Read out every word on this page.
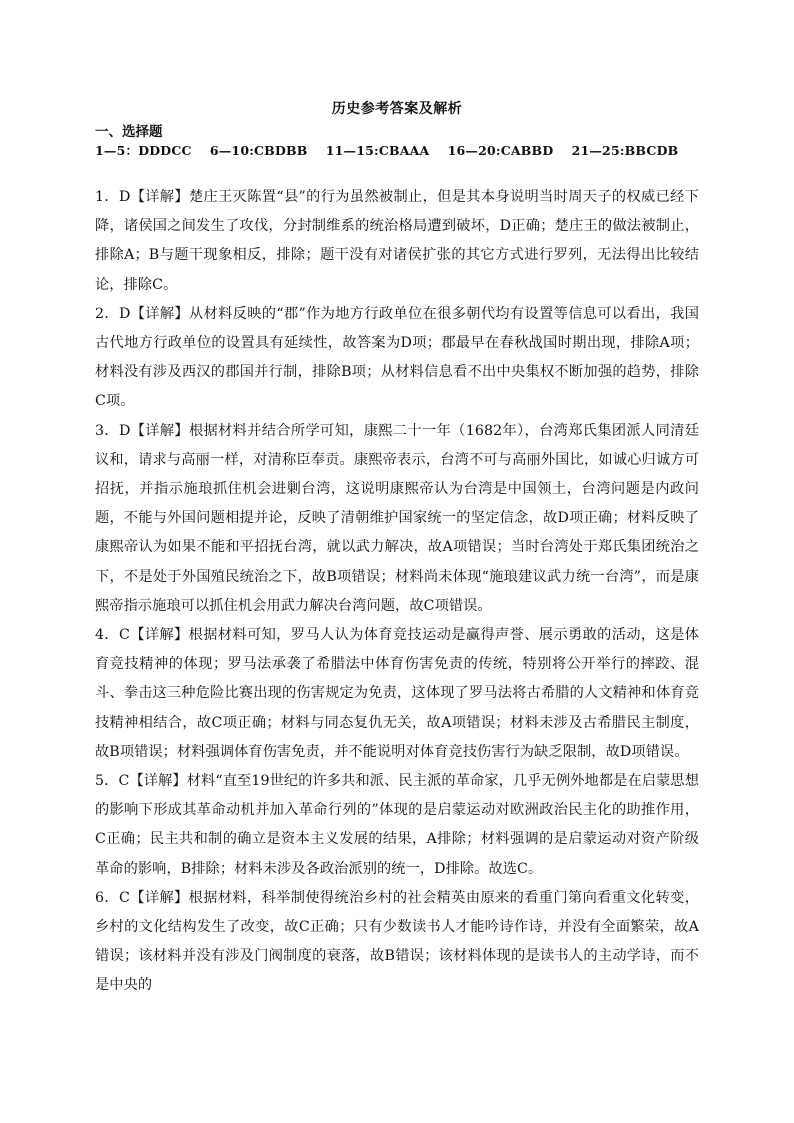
历史参考答案及解析
一、选择题
1—5：DDDCC    6—10:CBDBB    11—15:CBAAA    16—20:CABBD    21—25:BBCDB

1．D【详解】楚庄王灭陈置“县”的行为虽然被制止，但是其本身说明当时周天子的权威已经下降，诸侯国之间发生了攻伐，分封制维系的统治格局遭到破坏，D正确；楚庄王的做法被制止，排除A；B与题干现象相反，排除；题干没有对诸侯扩张的其它方式进行罗列，无法得出比较结论，排除C。

2．D【详解】从材料反映的“郡”作为地方行政单位在很多朝代均有设置等信息可以看出，我国古代地方行政单位的设置具有延续性，故答案为D项；郡最早在春秋战国时期出现，排除A项；材料没有涉及西汉的郡国并行制，排除B项；从材料信息看不出中央集权不断加强的趋势，排除C项。

3．D【详解】根据材料并结合所学可知，康熙二十一年（1682年），台湾郑氏集团派人同清廷议和，请求与高丽一样，对清称臣奉贡。康熙帝表示，台湾不可与高丽外国比，如诚心归诚方可招抚，并指示施琅抓住机会进剿台湾，这说明康熙帝认为台湾是中国领土，台湾问题是内政问题，不能与外国问题相提并论，反映了清朝维护国家统一的坚定信念，故D项正确；材料反映了康熙帝认为如果不能和平招抚台湾，就以武力解决，故A项错误；当时台湾处于郑氏集团统治之下，不是处于外国殖民统治之下，故B项错误；材料尚未体现“施琅建议武力统一台湾”，而是康熙帝指示施琅可以抓住机会用武力解决台湾问题，故C项错误。

4．C【详解】根据材料可知，罗马人认为体育竞技运动是赢得声誉、展示勇敢的活动，这是体育竞技精神的体现；罗马法承袭了希腊法中体育伤害免责的传统，特别将公开举行的摔跤、混斗、拳击这三种危险比赛出现的伤害规定为免责，这体现了罗马法将古希腊的人文精神和体育竞技精神相结合，故C项正确；材料与同态复仇无关，故A项错误；材料未涉及古希腊民主制度，故B项错误；材料强调体育伤害免责，并不能说明对体育竞技伤害行为缺乏限制，故D项错误。

5．C【详解】材料“直至19世纪的许多共和派、民主派的革命家，几乎无例外地都是在启蒙思想的影响下形成其革命动机并加入革命行列的”体现的是启蒙运动对欧洲政治民主化的助推作用，C正确；民主共和制的确立是资本主义发展的结果，A排除；材料强调的是启蒙运动对资产阶级革命的影响，B排除；材料未涉及各政治派别的统一，D排除。故选C。

6．C【详解】根据材料，科举制使得统治乡村的社会精英由原来的看重门第向看重文化转变，乡村的文化结构发生了改变，故C正确；只有少数读书人才能吟诗作诗，并没有全面繁荣，故A错误；该材料并没有涉及门阀制度的衰落，故B错误；该材料体现的是读书人的主动学诗，而不是中央的
